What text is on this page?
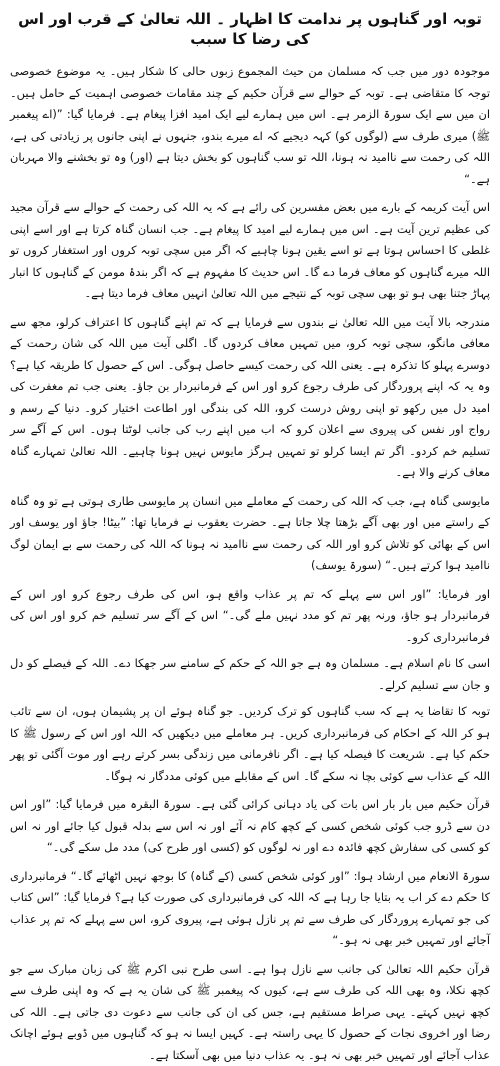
توبہ اور گناہوں پر ندامت کا اظہار ۔ اللہ تعالیٰ کے قرب اور اس کی رضا کا سبب

موجودہ دور میں جب کہ مسلمان من حیث المجموع زبوں حالی کا شکار ہیں۔ یہ موضوع خصوصی توجہ کا متقاضی ہے۔ توبہ کے حوالے سے قرآن حکیم کے چند مقامات خصوصی اہمیت کے حامل ہیں۔ ان میں سے ایک سورۃ الزمر ہے۔ اس میں ہمارے لیے ایک امید افزا پیغام ہے۔ فرمایا گیا: ”(اے پیغمبر ﷺ) میری طرف سے (لوگوں کو) کہہ دیجیے کہ اے میرے بندو، جنہوں نے اپنی جانوں پر زیادتی کی ہے، اللہ کی رحمت سے ناامید نہ ہونا، اللہ تو سب گناہوں کو بخش دیتا ہے (اور) وہ تو بخشنے والا مہربان ہے۔“

اس آیت کریمہ کے بارے میں بعض مفسرین کی رائے ہے کہ یہ اللہ کی رحمت کے حوالے سے قرآن مجید کی عظیم ترین آیت ہے۔ اس میں ہمارے لیے امید کا پیغام ہے۔ جب انسان گناہ کرتا ہے اور اسے اپنی غلطی کا احساس ہوتا ہے تو اسے یقین ہونا چاہیے کہ اگر میں سچی توبہ کروں اور استغفار کروں تو اللہ میرے گناہوں کو معاف فرما دے گا۔ اس حدیث کا مفہوم ہے کہ اگر بندۂ مومن کے گناہوں کا انبار پہاڑ جتنا بھی ہو تو بھی سچی توبہ کے نتیجے میں اللہ تعالیٰ انہیں معاف فرما دیتا ہے۔

مندرجہ بالا آیت میں اللہ تعالیٰ نے بندوں سے فرمایا ہے کہ تم اپنے گناہوں کا اعتراف کرلو، مجھ سے معافی مانگو، سچی توبہ کرو، میں تمہیں معاف کردوں گا۔ اگلی آیت میں اللہ کی شان رحمت کے دوسرے پہلو کا تذکرہ ہے۔ یعنی اللہ کی رحمت کیسے حاصل ہوگی۔ اس کے حصول کا طریقہ کیا ہے؟ وہ یہ کہ اپنے پروردگار کی طرف رجوع کرو اور اس کے فرمانبردار بن جاؤ۔ یعنی جب تم مغفرت کی امید دل میں رکھو تو اپنی روش درست کرو، اللہ کی بندگی اور اطاعت اختیار کرو۔ دنیا کے رسم و رواج اور نفس کی پیروی سے اعلان کرو کہ اب میں اپنے رب کی جانب لوٹتا ہوں۔ اس کے آگے سر تسلیم خم کردو۔ اگر تم ایسا کرلو تو تمہیں ہرگز مایوس نہیں ہونا چاہیے۔ اللہ تعالیٰ تمہارے گناہ معاف کرنے والا ہے۔

مایوسی گناہ ہے، جب کہ اللہ کی رحمت کے معاملے میں انسان پر مایوسی طاری ہوتی ہے تو وہ گناہ کے راستے میں اور بھی آگے بڑھتا چلا جاتا ہے۔ حضرت یعقوب نے فرمایا تھا: ”بیٹا! جاؤ اور یوسف اور اس کے بھائی کو تلاش کرو اور اللہ کی رحمت سے ناامید نہ ہونا کہ اللہ کی رحمت سے بے ایمان لوگ ناامید ہوا کرتے ہیں۔“ (سورۃ یوسف)

اور فرمایا: ”اور اس سے پہلے کہ تم پر عذاب واقع ہو، اس کی طرف رجوع کرو اور اس کے فرمانبردار ہو جاؤ، ورنہ پھر تم کو مدد نہیں ملے گی۔“ اس کے آگے سر تسلیم خم کرو اور اس کی فرمانبرداری کرو۔

اسی کا نام اسلام ہے۔ مسلمان وہ ہے جو اللہ کے حکم کے سامنے سر جھکا دے۔ اللہ کے فیصلے کو دل و جان سے تسلیم کرلے۔

توبہ کا تقاضا یہ ہے کہ سب گناہوں کو ترک کردیں۔ جو گناہ ہوئے ان پر پشیمان ہوں، ان سے تائب ہو کر اللہ کے احکام کی فرمانبرداری کریں۔ ہر معاملے میں دیکھیں کہ اللہ اور اس کے رسول ﷺ کا حکم کیا ہے۔ شریعت کا فیصلہ کیا ہے۔ اگر نافرمانی میں زندگی بسر کرتے رہے اور موت آگئی تو پھر اللہ کے عذاب سے کوئی بچا نہ سکے گا۔ اس کے مقابلے میں کوئی مددگار نہ ہوگا۔

قرآن حکیم میں بار بار اس بات کی یاد دہانی کرائی گئی ہے۔ سورۃ البقرہ میں فرمایا گیا: ”اور اس دن سے ڈرو جب کوئی شخص کسی کے کچھ کام نہ آئے اور نہ اس سے بدلہ قبول کیا جائے اور نہ اس کو کسی کی سفارش کچھ فائدہ دے اور نہ لوگوں کو (کسی اور طرح کی) مدد مل سکے گی۔“

سورۃ الانعام میں ارشاد ہوا: ”اور کوئی شخص کسی (کے گناہ) کا بوجھ نہیں اٹھائے گا۔“ فرمانبرداری کا حکم دے کر اب یہ بتایا جا رہا ہے کہ اللہ کی فرمانبرداری کی صورت کیا ہے؟ فرمایا گیا: ”اس کتاب کی جو تمہارے پروردگار کی طرف سے تم پر نازل ہوئی ہے، پیروی کرو، اس سے پہلے کہ تم پر عذاب آجائے اور تمہیں خبر بھی نہ ہو۔“

قرآن حکیم اللہ تعالیٰ کی جانب سے نازل ہوا ہے۔ اسی طرح نبی اکرم ﷺ کی زبان مبارک سے جو کچھ نکلا، وہ بھی اللہ کی طرف سے ہے، کیوں کہ پیغمبر ﷺ کی شان یہ ہے کہ وہ اپنی طرف سے کچھ نہیں کہتے۔ یہی صراط مستقیم ہے، جس کی ان کی جانب سے دعوت دی جاتی ہے۔ اللہ کی رضا اور اخروی نجات کے حصول کا یہی راستہ ہے۔ کہیں ایسا نہ ہو کہ گناہوں میں ڈوبے ہوئے اچانک عذاب آجائے اور تمہیں خبر بھی نہ ہو۔ یہ عذاب دنیا میں بھی آسکتا ہے۔
